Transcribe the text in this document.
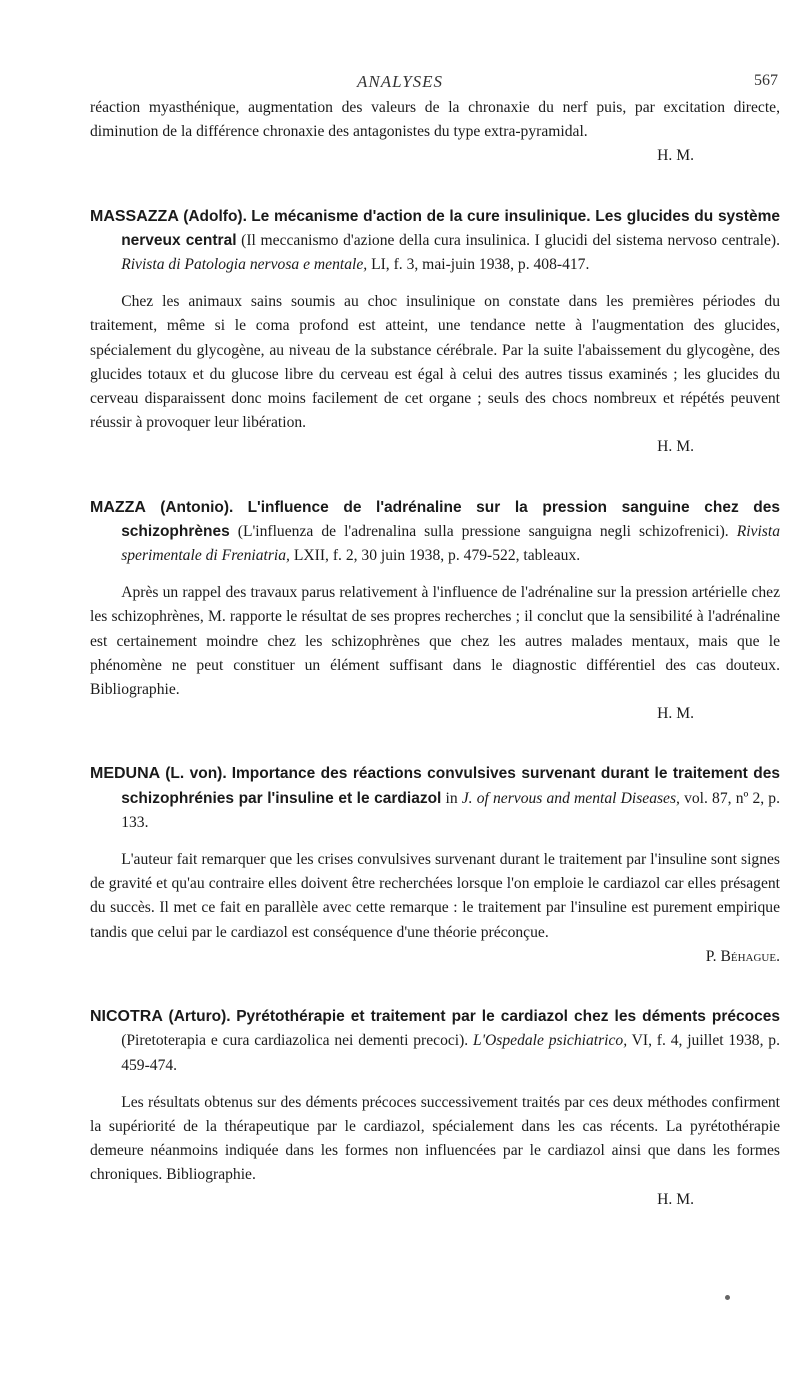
ANALYSES	567

réaction myasthénique, augmentation des valeurs de la chronaxie du nerf puis, par excitation directe, diminution de la différence chronaxie des antagonistes du type extra-pyramidal.

H. M.

MASSAZZA (Adolfo). Le mécanisme d'action de la cure insulinique. Les glucides du système nerveux central (Il meccanismo d'azione della cura insulinica. I glucidi del sistema nervoso centrale). Rivista di Patologia nervosa e mentale, LI, f. 3, mai-juin 1938, p. 408-417.

Chez les animaux sains soumis au choc insulinique on constate dans les premières périodes du traitement, même si le coma profond est atteint, une tendance nette à l'augmentation des glucides, spécialement du glycogène, au niveau de la substance cérébrale. Par la suite l'abaissement du glycogène, des glucides totaux et du glucose libre du cerveau est égal à celui des autres tissus examinés ; les glucides du cerveau disparaissent donc moins facilement de cet organe ; seuls des chocs nombreux et répétés peuvent réussir à provoquer leur libération.

H. M.

MAZZA (Antonio). L'influence de l'adrénaline sur la pression sanguine chez des schizophrènes (L'influenza de l'adrenalina sulla pressione sanguigna negli schizofrenici). Rivista sperimentale di Freniatria, LXII, f. 2, 30 juin 1938, p. 479-522, tableaux.

Après un rappel des travaux parus relativement à l'influence de l'adrénaline sur la pression artérielle chez les schizophrènes, M. rapporte le résultat de ses propres recherches ; il conclut que la sensibilité à l'adrénaline est certainement moindre chez les schizophrènes que chez les autres malades mentaux, mais que le phénomène ne peut constituer un élément suffisant dans le diagnostic différentiel des cas douteux. Bibliographie.

H. M.

MEDUNA (L. von). Importance des réactions convulsives survenant durant le traitement des schizophrénies par l'insuline et le cardiazol in J. of nervous and mental Diseases, vol. 87, nº 2, p. 133.

L'auteur fait remarquer que les crises convulsives survenant durant le traitement par l'insuline sont signes de gravité et qu'au contraire elles doivent être recherchées lorsque l'on emploie le cardiazol car elles présagent du succès. Il met ce fait en parallèle avec cette remarque : le traitement par l'insuline est purement empirique tandis que celui par le cardiazol est conséquence d'une théorie préconçue.

P. Béhague.

NICOTRA (Arturo). Pyrétothérapie et traitement par le cardiazol chez les déments précoces (Piretoterapia e cura cardiazolica nei dementi precoci). L'Ospedale psichiatrico, VI, f. 4, juillet 1938, p. 459-474.

Les résultats obtenus sur des déments précoces successivement traités par ces deux méthodes confirment la supériorité de la thérapeutique par le cardiazol, spécialement dans les cas récents. La pyrétothérapie demeure néanmoins indiquée dans les formes non influencées par le cardiazol ainsi que dans les formes chroniques. Bibliographie.

H. M.
